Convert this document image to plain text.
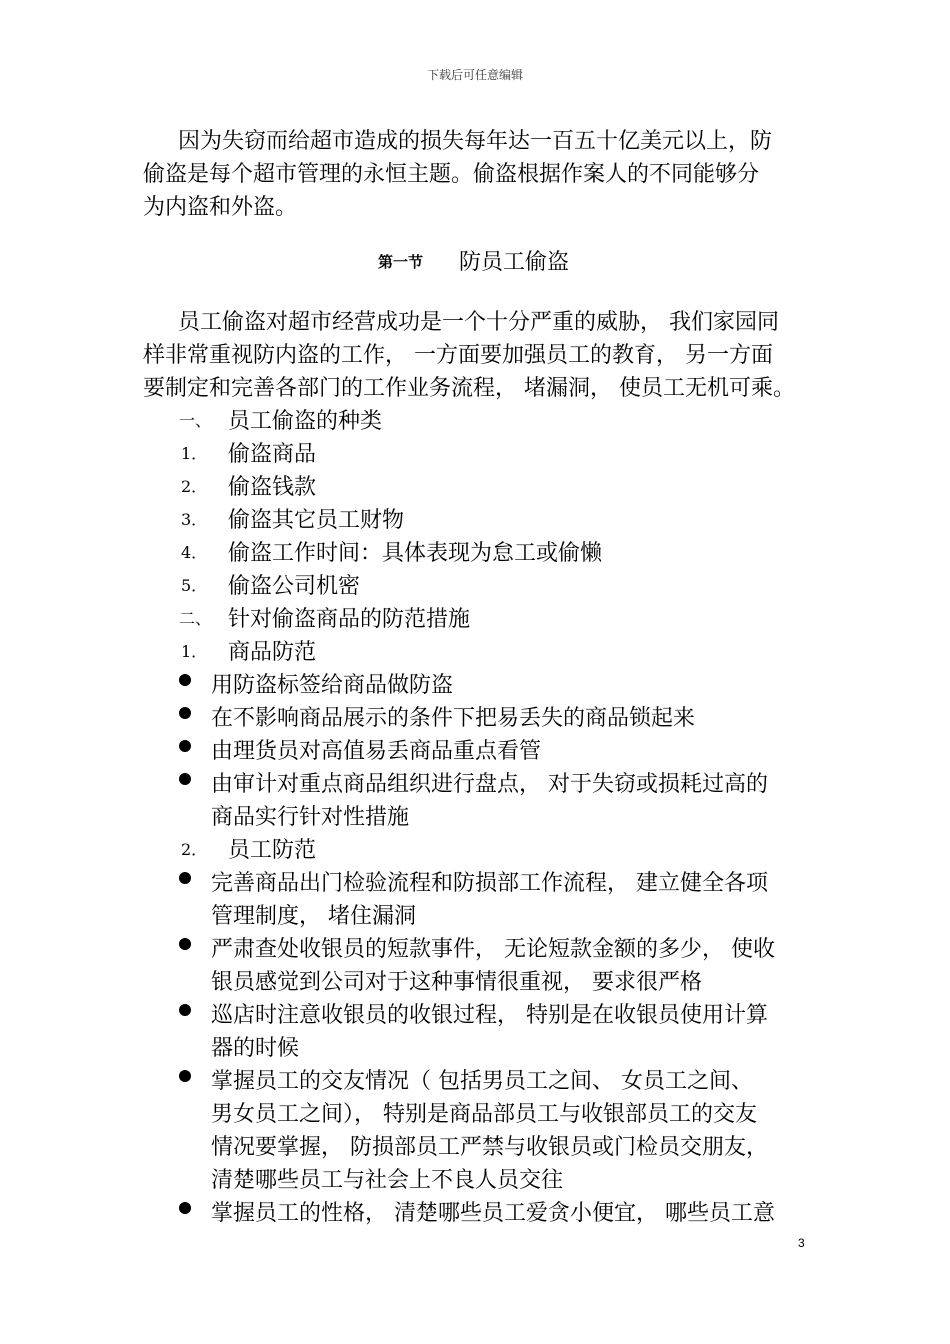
下载后可任意编辑
因为失窃而给超市造成的损失每年达一百五十亿美元以上，防
偷盗是每个超市管理的永恒主题。偷盗根据作案人的不同能够分
为内盗和外盗。
第一节 防员工偷盗
员工偷盗对超市经营成功是一个十分严重的威胁， 我们家园同
样非常重视防内盗的工作， 一方面要加强员工的教育， 另一方面
要制定和完善各部门的工作业务流程， 堵漏洞， 使员工无机可乘。
一、 员工偷盗的种类
1． 偷盗商品
2． 偷盗钱款
3． 偷盗其它员工财物
4． 偷盗工作时间：具体表现为怠工或偷懒
5． 偷盗公司机密
二、 针对偷盗商品的防范措施
1． 商品防范
用防盗标签给商品做防盗
在不影响商品展示的条件下把易丢失的商品锁起来
由理货员对高值易丢商品重点看管
由审计对重点商品组织进行盘点， 对于失窃或损耗过高的
商品实行针对性措施
2． 员工防范
完善商品出门检验流程和防损部工作流程， 建立健全各项
管理制度， 堵住漏洞
严肃查处收银员的短款事件， 无论短款金额的多少， 使收
银员感觉到公司对于这种事情很重视， 要求很严格
巡店时注意收银员的收银过程， 特别是在收银员使用计算
器的时候
掌握员工的交友情况（ 包括男员工之间、 女员工之间、
男女员工之间）， 特别是商品部员工与收银部员工的交友
情况要掌握， 防损部员工严禁与收银员或门检员交朋友，
清楚哪些员工与社会上不良人员交往
掌握员工的性格， 清楚哪些员工爱贪小便宜， 哪些员工意
3
